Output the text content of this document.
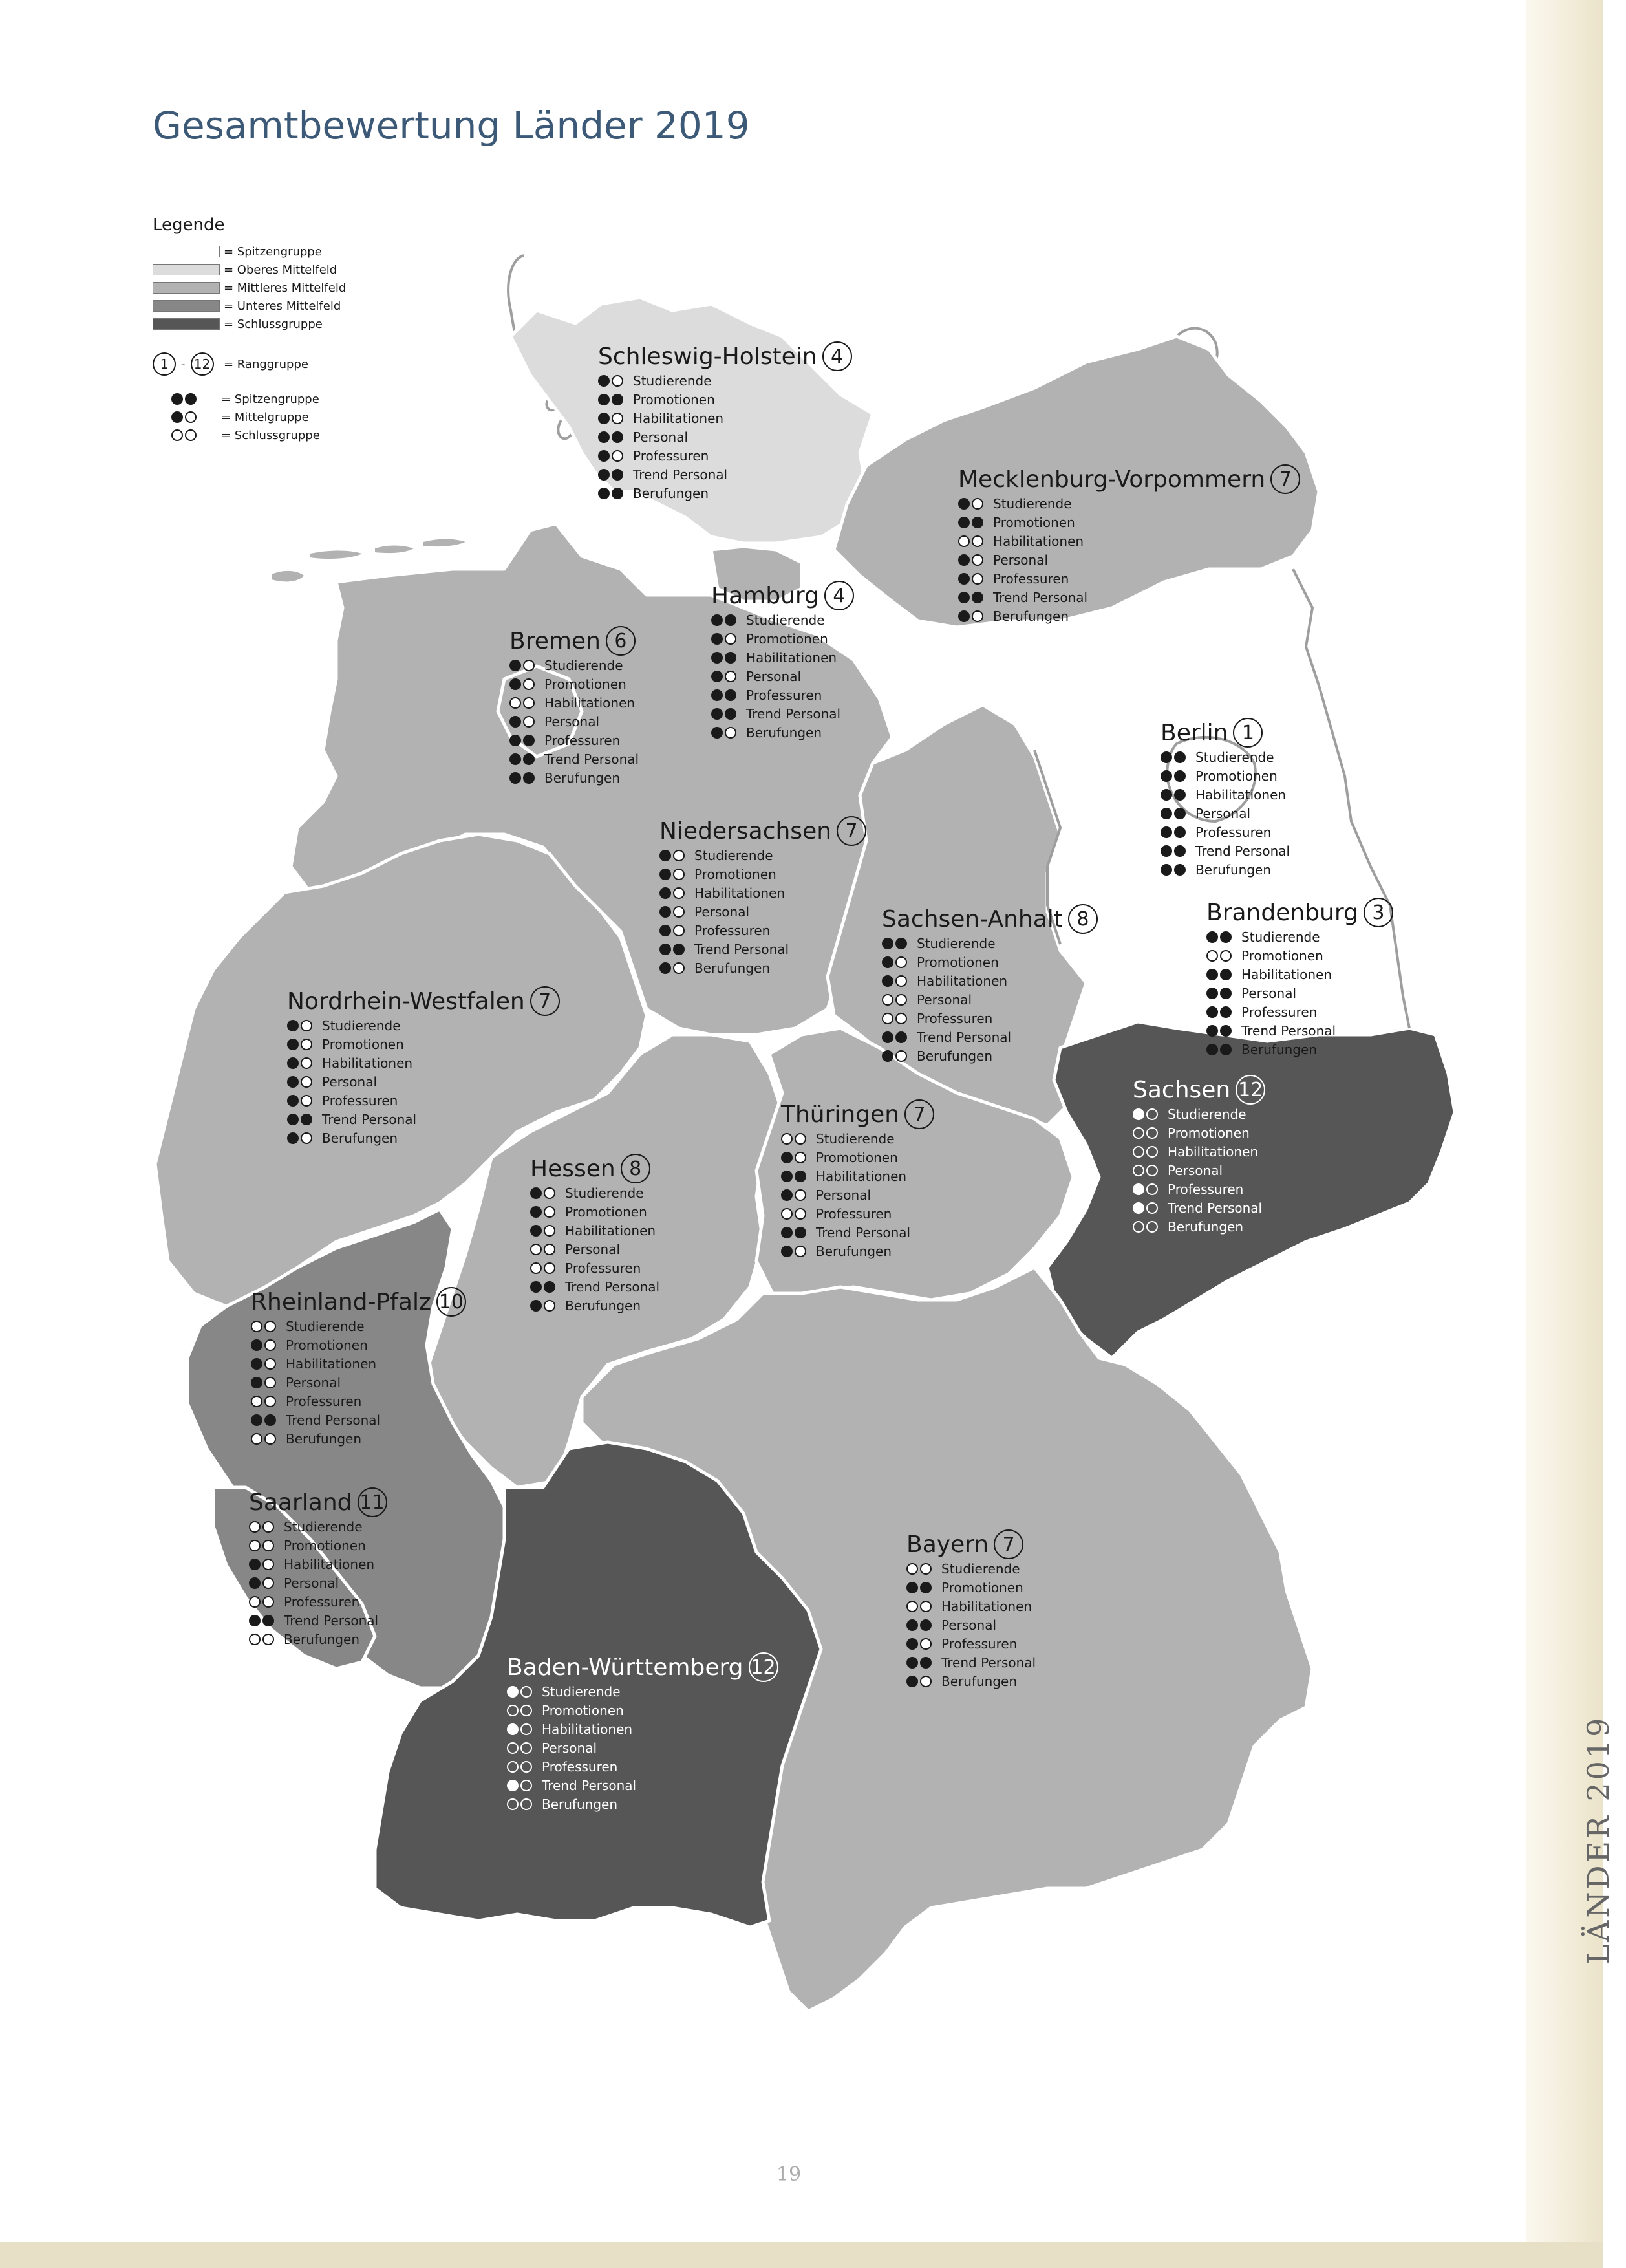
LÄNDER 2019
Gesamtbewertung Länder 2019
Legende
= Spitzengruppe
= Oberes Mittelfeld
= Mittleres Mittelfeld
= Unteres Mittelfeld
= Schlussgruppe
1	- 12 = Ranggruppe
= Spitzengruppe
= Mittelgruppe
= Schlussgruppe
Schleswig-Holstein 4
Studierende
Promotionen
Habilitationen
Personal
Professuren
Trend Personal
Berufungen
Mecklenburg-Vorpommern 7
Studierende
Promotionen
Habilitationen
Personal
Professuren
Trend Personal
Berufungen
Hamburg 4
Studierende
Promotionen
Habilitationen
Personal
Professuren
Trend Personal
Berufungen
Bremen 6
Studierende
Promotionen
Habilitationen
Personal
Professuren
Trend Personal
Berufungen
Berlin 1
Studierende
Promotionen
Habilitationen
Personal
Professuren
Trend Personal
Berufungen
Niedersachsen 7
Studierende
Promotionen
Habilitationen
Personal
Professuren
Trend Personal
Berufungen
Brandenburg 3
Studierende
Promotionen
Habilitationen
Personal
Professuren
Trend Personal
Berufungen
Sachsen-Anhalt 8
Studierende
Promotionen
Habilitationen
Personal
Professuren
Trend Personal
Berufungen
Nordrhein-Westfalen 7
Studierende
Promotionen
Habilitationen
Personal
Professuren
Trend Personal
Berufungen
Sachsen 12
Studierende
Promotionen
Habilitationen
Personal
Professuren
Trend Personal
Berufungen
Thüringen 7
Studierende
Promotionen
Habilitationen
Personal
Professuren
Trend Personal
Berufungen
Hessen 8
Studierende
Promotionen
Habilitationen
Personal
Professuren
Trend Personal
Berufungen
Rheinland-Pfalz 10
Studierende
Promotionen
Habilitationen
Personal
Professuren
Trend Personal
Berufungen
Saarland 11
Studierende
Promotionen
Habilitationen
Personal
Professuren
Trend Personal
Berufungen
Bayern 7
Studierende
Promotionen
Habilitationen
Personal
Professuren
Trend Personal
Berufungen
Baden-Württemberg 12
Studierende
Promotionen
Habilitationen
Personal
Professuren
Trend Personal
Berufungen
19
